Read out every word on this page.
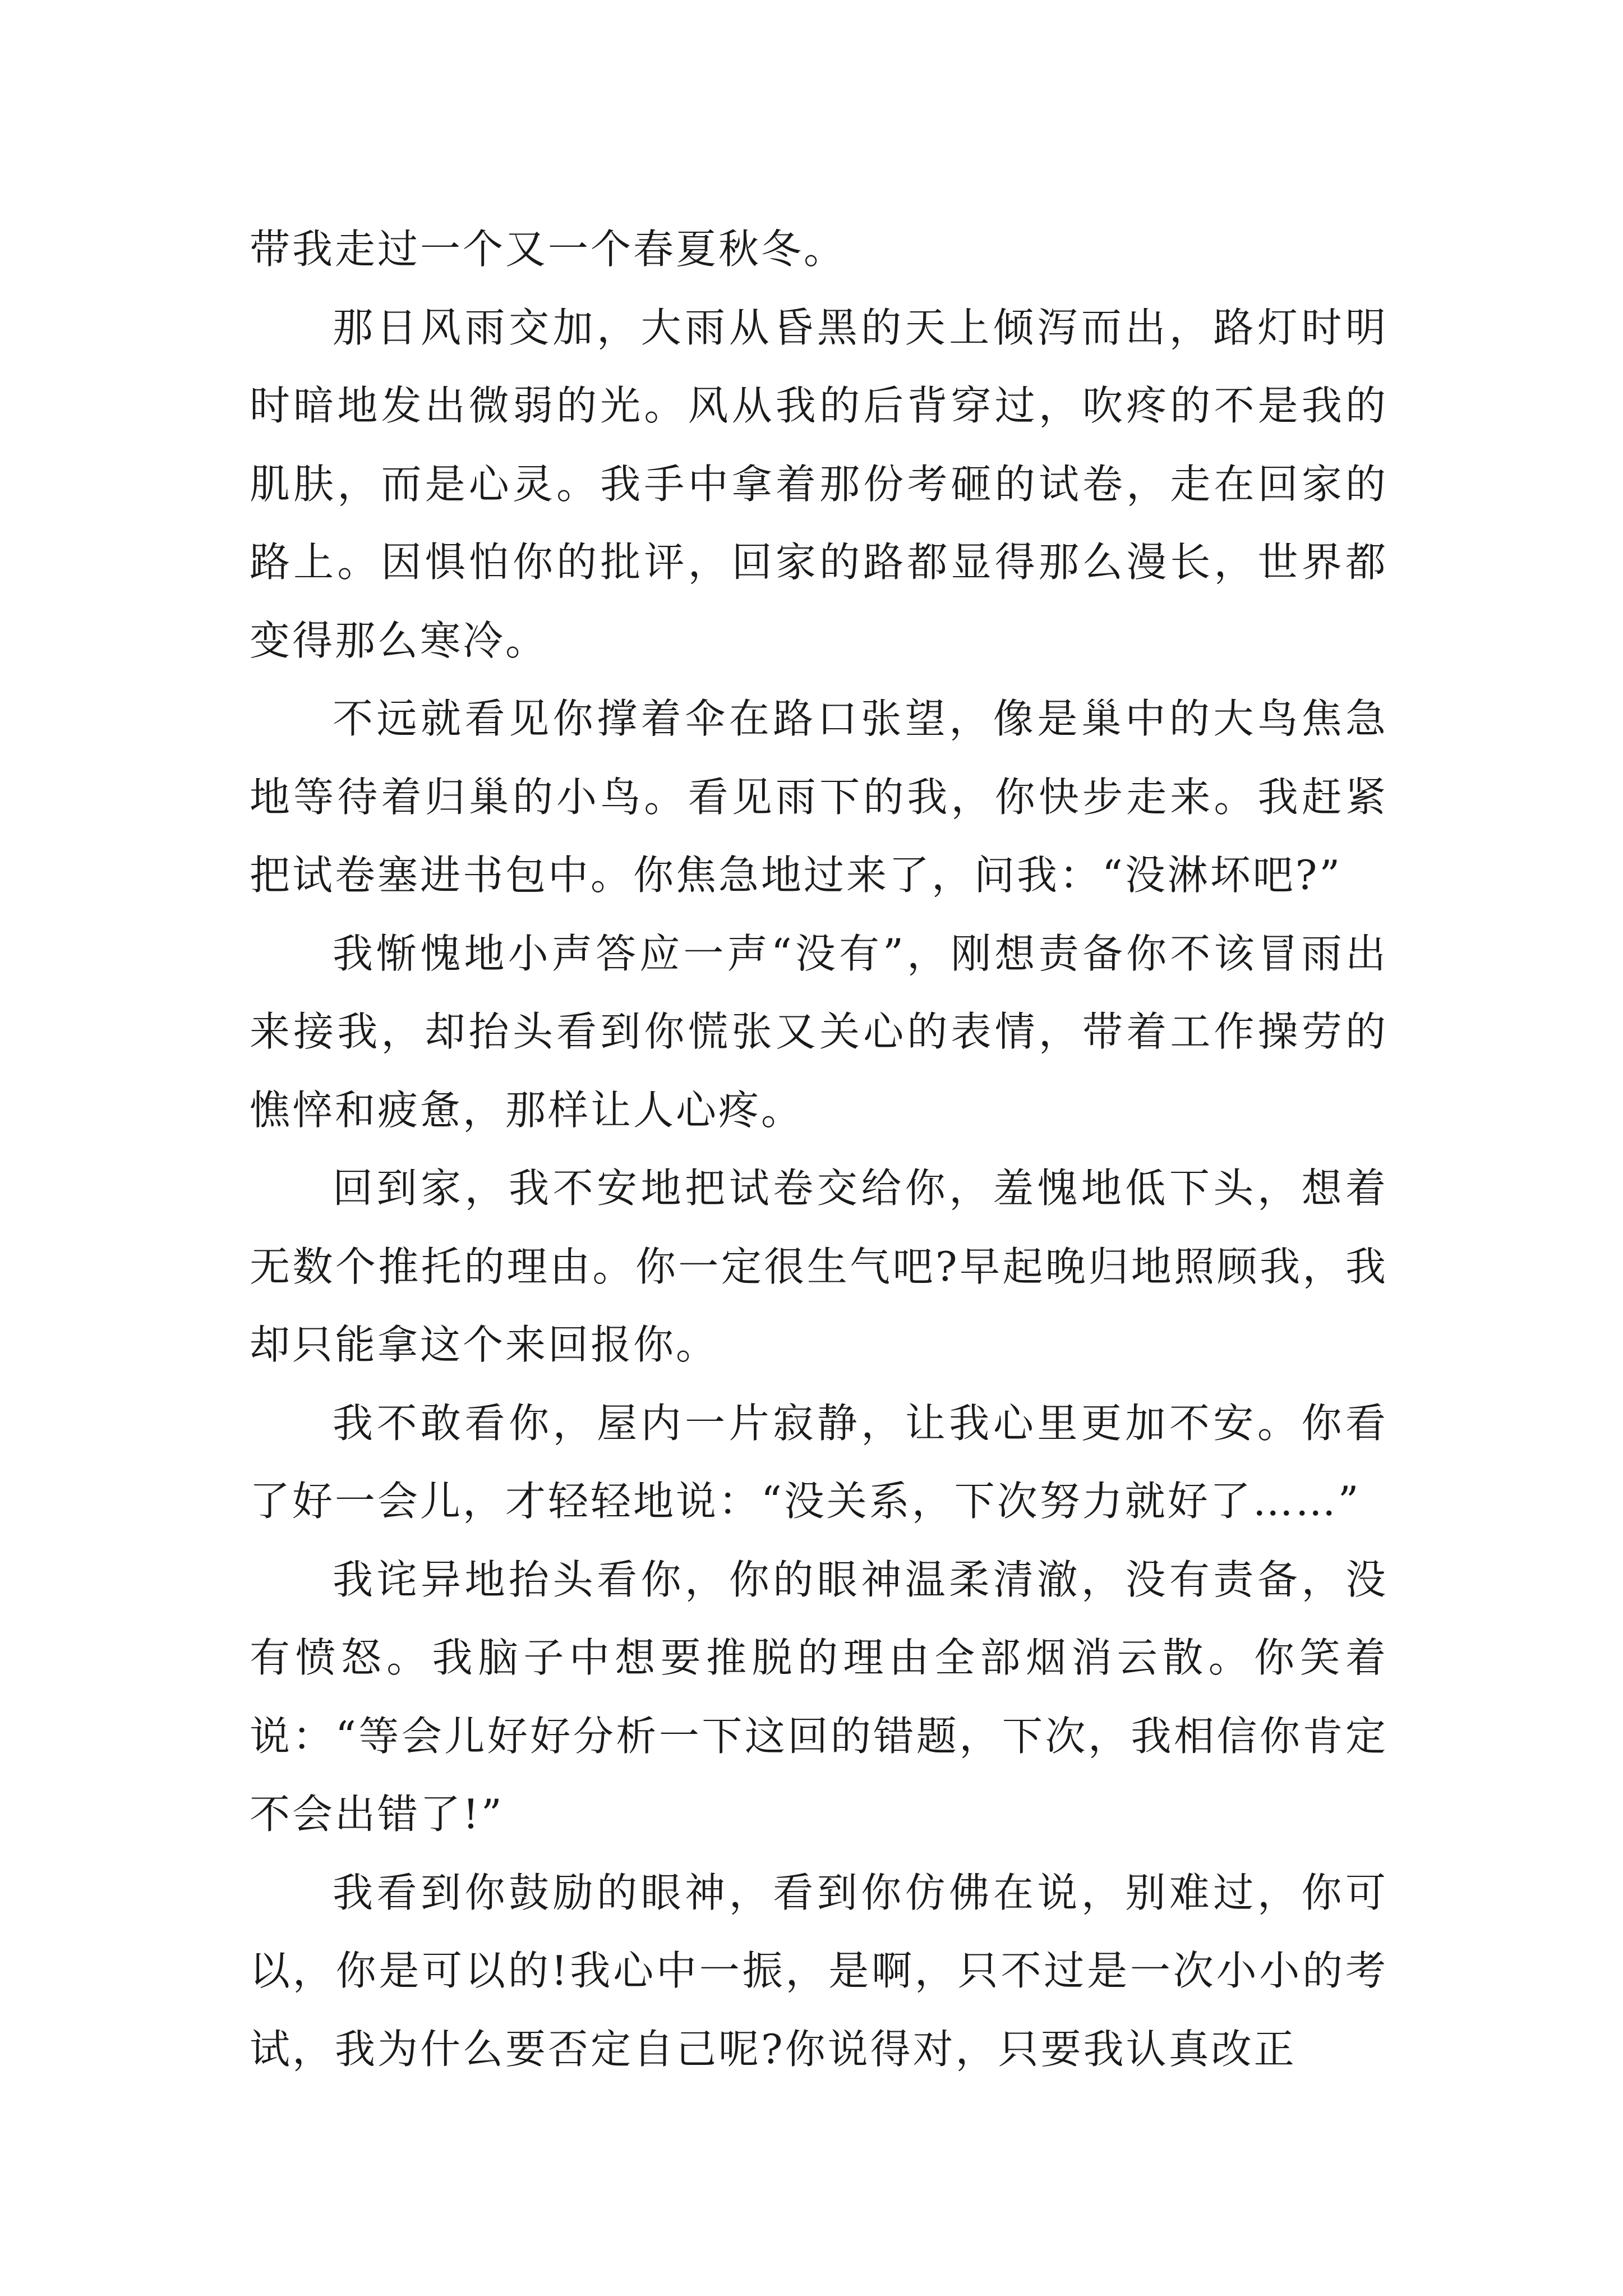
带我走过一个又一个春夏秋冬。

那日风雨交加，大雨从昏黑的天上倾泻而出，路灯时明时暗地发出微弱的光。风从我的后背穿过，吹疼的不是我的肌肤，而是心灵。我手中拿着那份考砸的试卷，走在回家的路上。因惧怕你的批评，回家的路都显得那么漫长，世界都变得那么寒冷。

不远就看见你撑着伞在路口张望，像是巢中的大鸟焦急地等待着归巢的小鸟。看见雨下的我，你快步走来。我赶紧把试卷塞进书包中。你焦急地过来了，问我：“没淋坏吧?”

我惭愧地小声答应一声“没有”，刚想责备你不该冒雨出来接我，却抬头看到你慌张又关心的表情，带着工作操劳的憔悴和疲惫，那样让人心疼。

回到家，我不安地把试卷交给你，羞愧地低下头，想着无数个推托的理由。你一定很生气吧?早起晚归地照顾我，我却只能拿这个来回报你。

我不敢看你，屋内一片寂静，让我心里更加不安。你看了好一会儿，才轻轻地说：“没关系，下次努力就好了……”

我诧异地抬头看你，你的眼神温柔清澈，没有责备，没有愤怒。我脑子中想要推脱的理由全部烟消云散。你笑着说：“等会儿好好分析一下这回的错题，下次，我相信你肯定不会出错了!”

我看到你鼓励的眼神，看到你仿佛在说，别难过，你可以，你是可以的!我心中一振，是啊，只不过是一次小小的考试，我为什么要否定自己呢?你说得对，只要我认真改正
